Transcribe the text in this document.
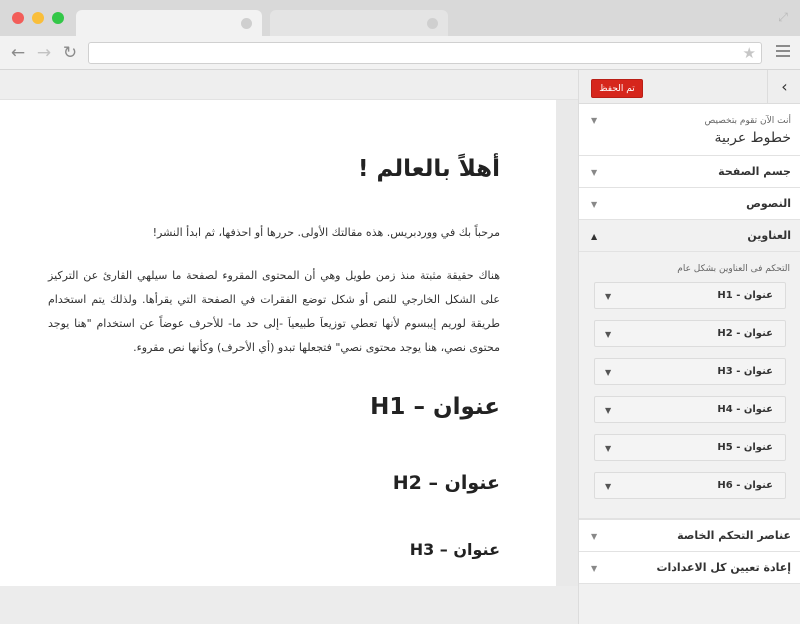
⤢
← → ↻	★
أهلاً بالعالم !
مرحباً بك في ووردبريس. هذه مقالتك الأولى. حررها أو احذفها، ثم ابدأ النشر!
هناك حقيقة مثبتة منذ زمن طويل وهي أن المحتوى المقروء لصفحة ما سيلهي القارئ عن التركيز على الشكل الخارجي للنص أو شكل توضع الفقرات في الصفحة التي يقرأها. ولذلك يتم استخدام طريقة لوريم إيبسوم لأنها تعطي توزيعاَ طبيعياَ -إلى حد ما- للأحرف عوضاً عن استخدام "هنا يوجد محتوى نصي، هنا يوجد محتوى نصي" فتجعلها تبدو (أي الأحرف) وكأنها نص مقروء.
عنوان – H1
عنوان – H2
عنوان – H3
تم الحفظ	›
أنت الآن تقوم بتخصيص
خطوط عربية
▼
جسم الصفحة
▼
النصوص
▼
العناوين
▲
التحكم فى العناوين بشكل عام
عنوان - H1
▼
عنوان - H2
▼
عنوان - H3
▼
عنوان - H4
▼
عنوان - H5
▼
عنوان - H6
▼
عناصر التحكم الخاصة
▼
إعادة تعيين كل الاعدادات
▼
